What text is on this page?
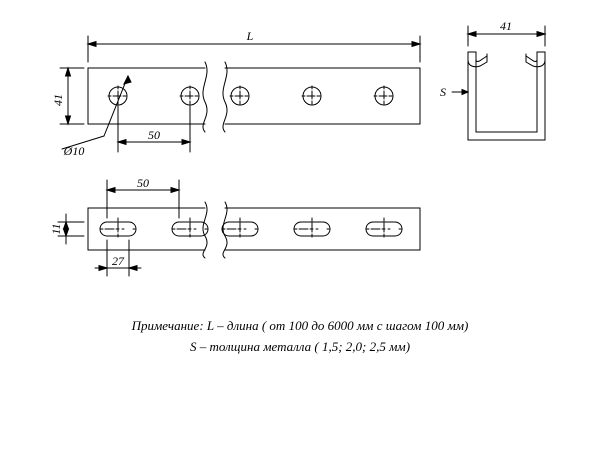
L
41
Ø10
50
41
S
50
11
27
Примечание: L – длина ( от 100 до 6000 мм с шагом 100 мм)
S – толщина металла ( 1,5; 2,0; 2,5 мм)
